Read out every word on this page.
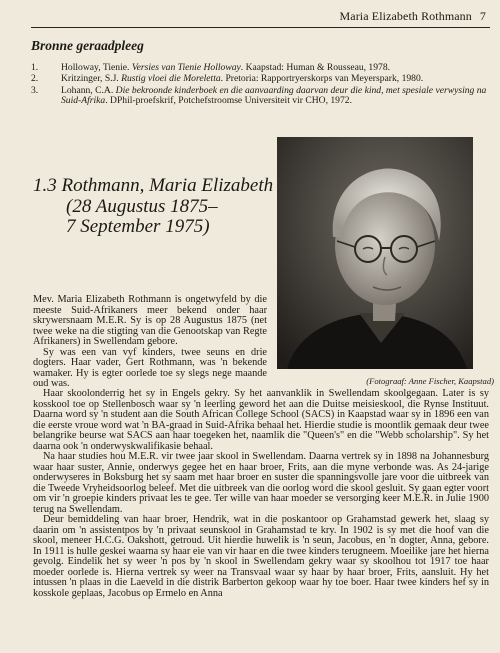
Maria Elizabeth Rothmann 7
Bronne geraadpleeg
1.	Holloway, Tienie. Versies van Tienie Holloway. Kaapstad: Human & Rousseau, 1978.
2.	Kritzinger, S.J. Rustig vloei die Moreletta. Pretoria: Rapportryerskorps van Meyerspark, 1980.
3.	Lohann, C.A. Die bekroonde kinderboek en die aanvaarding daarvan deur die kind, met spesiale verwysing na Suid-Afrika. DPhil-proefskrif, Potchefstroomse Universiteit vir CHO, 1972.
(Fotograaf: Anne Fischer, Kaapstad)
1.3 Rothmann, Maria Elizabeth

(28 Augustus 1875–
7 September 1975)

Mev. Maria Elizabeth Rothmann is ongetwyfeld by die meeste Suid-Afrikaners meer bekend onder haar skrywersnaam M.E.R. Sy is op 28 Augustus 1875 (net twee weke na die stigting van die Genootskap van Regte Afrikaners) in Swellendam gebore.

Sy was een van vyf kinders, twee seuns en drie dogters. Haar vader, Gert Rothmann, was 'n bekende wamaker. Hy is egter oorlede toe sy slegs nege maande oud was.

Haar skoolonderrig het sy in Engels gekry. Sy het aanvanklik in Swellendam skoolgegaan. Later is sy kosskool toe op Stellenbosch waar sy 'n leerling geword het aan die Duitse meisieskool, die Rynse Instituut. Daarna word sy 'n student aan die South African College School (SACS) in Kaapstad waar sy in 1896 een van die eerste vroue word wat 'n BA-graad in Suid-Afrika behaal het. Hierdie studie is moontlik gemaak deur twee belangrike beurse wat SACS aan haar toegeken het, naamlik die "Queen's" en die "Webb scholarship". Sy het daarna ook 'n onderwyskwalifikasie behaal.

Na haar studies hou M.E.R. vir twee jaar skool in Swellendam. Daarna vertrek sy in 1898 na Johannesburg waar haar suster, Annie, onderwys gegee het en haar broer, Frits, aan die myne verbonde was. As 24-jarige onderwyseres in Boksburg het sy saam met haar broer en suster die spanningsvolle jare voor die uitbreek van die Tweede Vryheidsoorlog beleef. Met die uitbreek van die oorlog word die skool gesluit. Sy gaan egter voort om vir 'n groepie kinders privaat les te gee. Ter wille van haar moeder se versorging keer M.E.R. in Julie 1900 terug na Swellendam.

Deur bemiddeling van haar broer, Hendrik, wat in die poskantoor op Grahamstad gewerk het, slaag sy daarin om 'n assistentpos by 'n privaat seunskool in Grahamstad te kry. In 1902 is sy met die hoof van die skool, meneer H.C.G. Oakshott, getroud. Uit hierdie huwelik is 'n seun, Jacobus, en 'n dogter, Anna, gebore. In 1911 is hulle geskei waarna sy haar eie van vir haar en die twee kinders terugneem. Moeilike jare het hierna gevolg. Eindelik het sy weer 'n pos by 'n skool in Swellendam gekry waar sy skoolhou tot 1917 toe haar moeder oorlede is. Hierna vertrek sy weer na Transvaal waar sy haar by haar broer, Frits, aansluit. Hy het intussen 'n plaas in die Laeveld in die distrik Barberton gekoop waar hy toe boer. Haar twee kinders hef sy in kosskole geplaas, Jacobus op Ermelo en Anna
